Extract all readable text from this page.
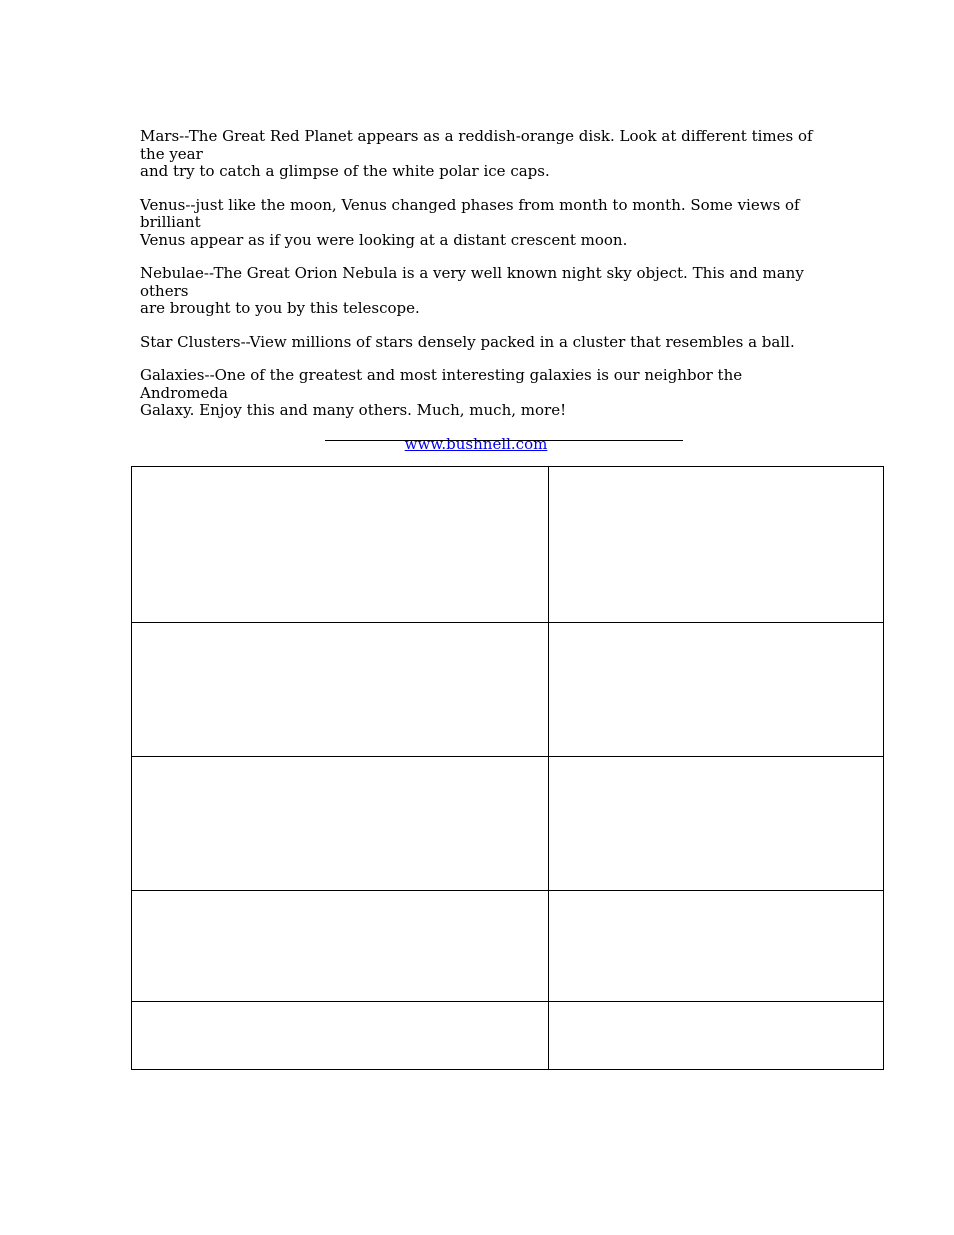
Mars--The Great Red Planet appears as a reddish-orange disk. Look at different times of the year
and try to catch a glimpse of the white polar ice caps.

Venus--just like the moon, Venus changed phases from month to month. Some views of brilliant
Venus appear as if you were looking at a distant crescent moon.

Nebulae--The Great Orion Nebula is a very well known night sky object. This and many others
are brought to you by this telescope.

Star Clusters--View millions of stars densely packed in a cluster that resembles a ball.

Galaxies--One of the greatest and most interesting galaxies is our neighbor the Andromeda
Galaxy. Enjoy this and many others. Much, much, more!

www.bushnell.com
